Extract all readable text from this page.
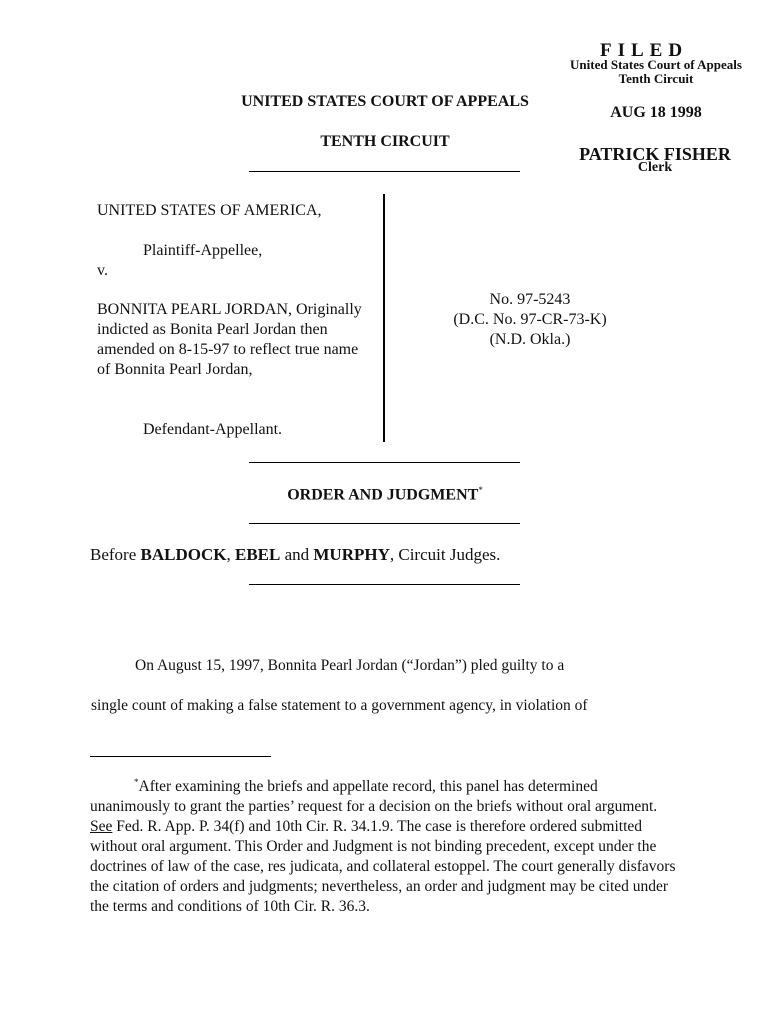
FILED
United States Court of Appeals
Tenth Circuit
AUG 18 1998
PATRICK FISHER
Clerk
UNITED STATES COURT OF APPEALS
TENTH CIRCUIT
UNITED STATES OF AMERICA,
Plaintiff-Appellee,
v.
BONNITA PEARL JORDAN, Originally indicted as Bonita Pearl Jordan then amended on 8-15-97 to reflect true name of Bonnita Pearl Jordan,
Defendant-Appellant.
No. 97-5243
(D.C. No. 97-CR-73-K)
(N.D. Okla.)
ORDER AND JUDGMENT*
Before BALDOCK, EBEL and MURPHY, Circuit Judges.

On August 15, 1997, Bonnita Pearl Jordan (“Jordan”) pled guilty to a

single count of making a false statement to a government agency, in violation of

*After examining the briefs and appellate record, this panel has determined unanimously to grant the parties’ request for a decision on the briefs without oral argument. See Fed. R. App. P. 34(f) and 10th Cir. R. 34.1.9. The case is therefore ordered submitted without oral argument. This Order and Judgment is not binding precedent, except under the doctrines of law of the case, res judicata, and collateral estoppel. The court generally disfavors the citation of orders and judgments; nevertheless, an order and judgment may be cited under the terms and conditions of 10th Cir. R. 36.3.
